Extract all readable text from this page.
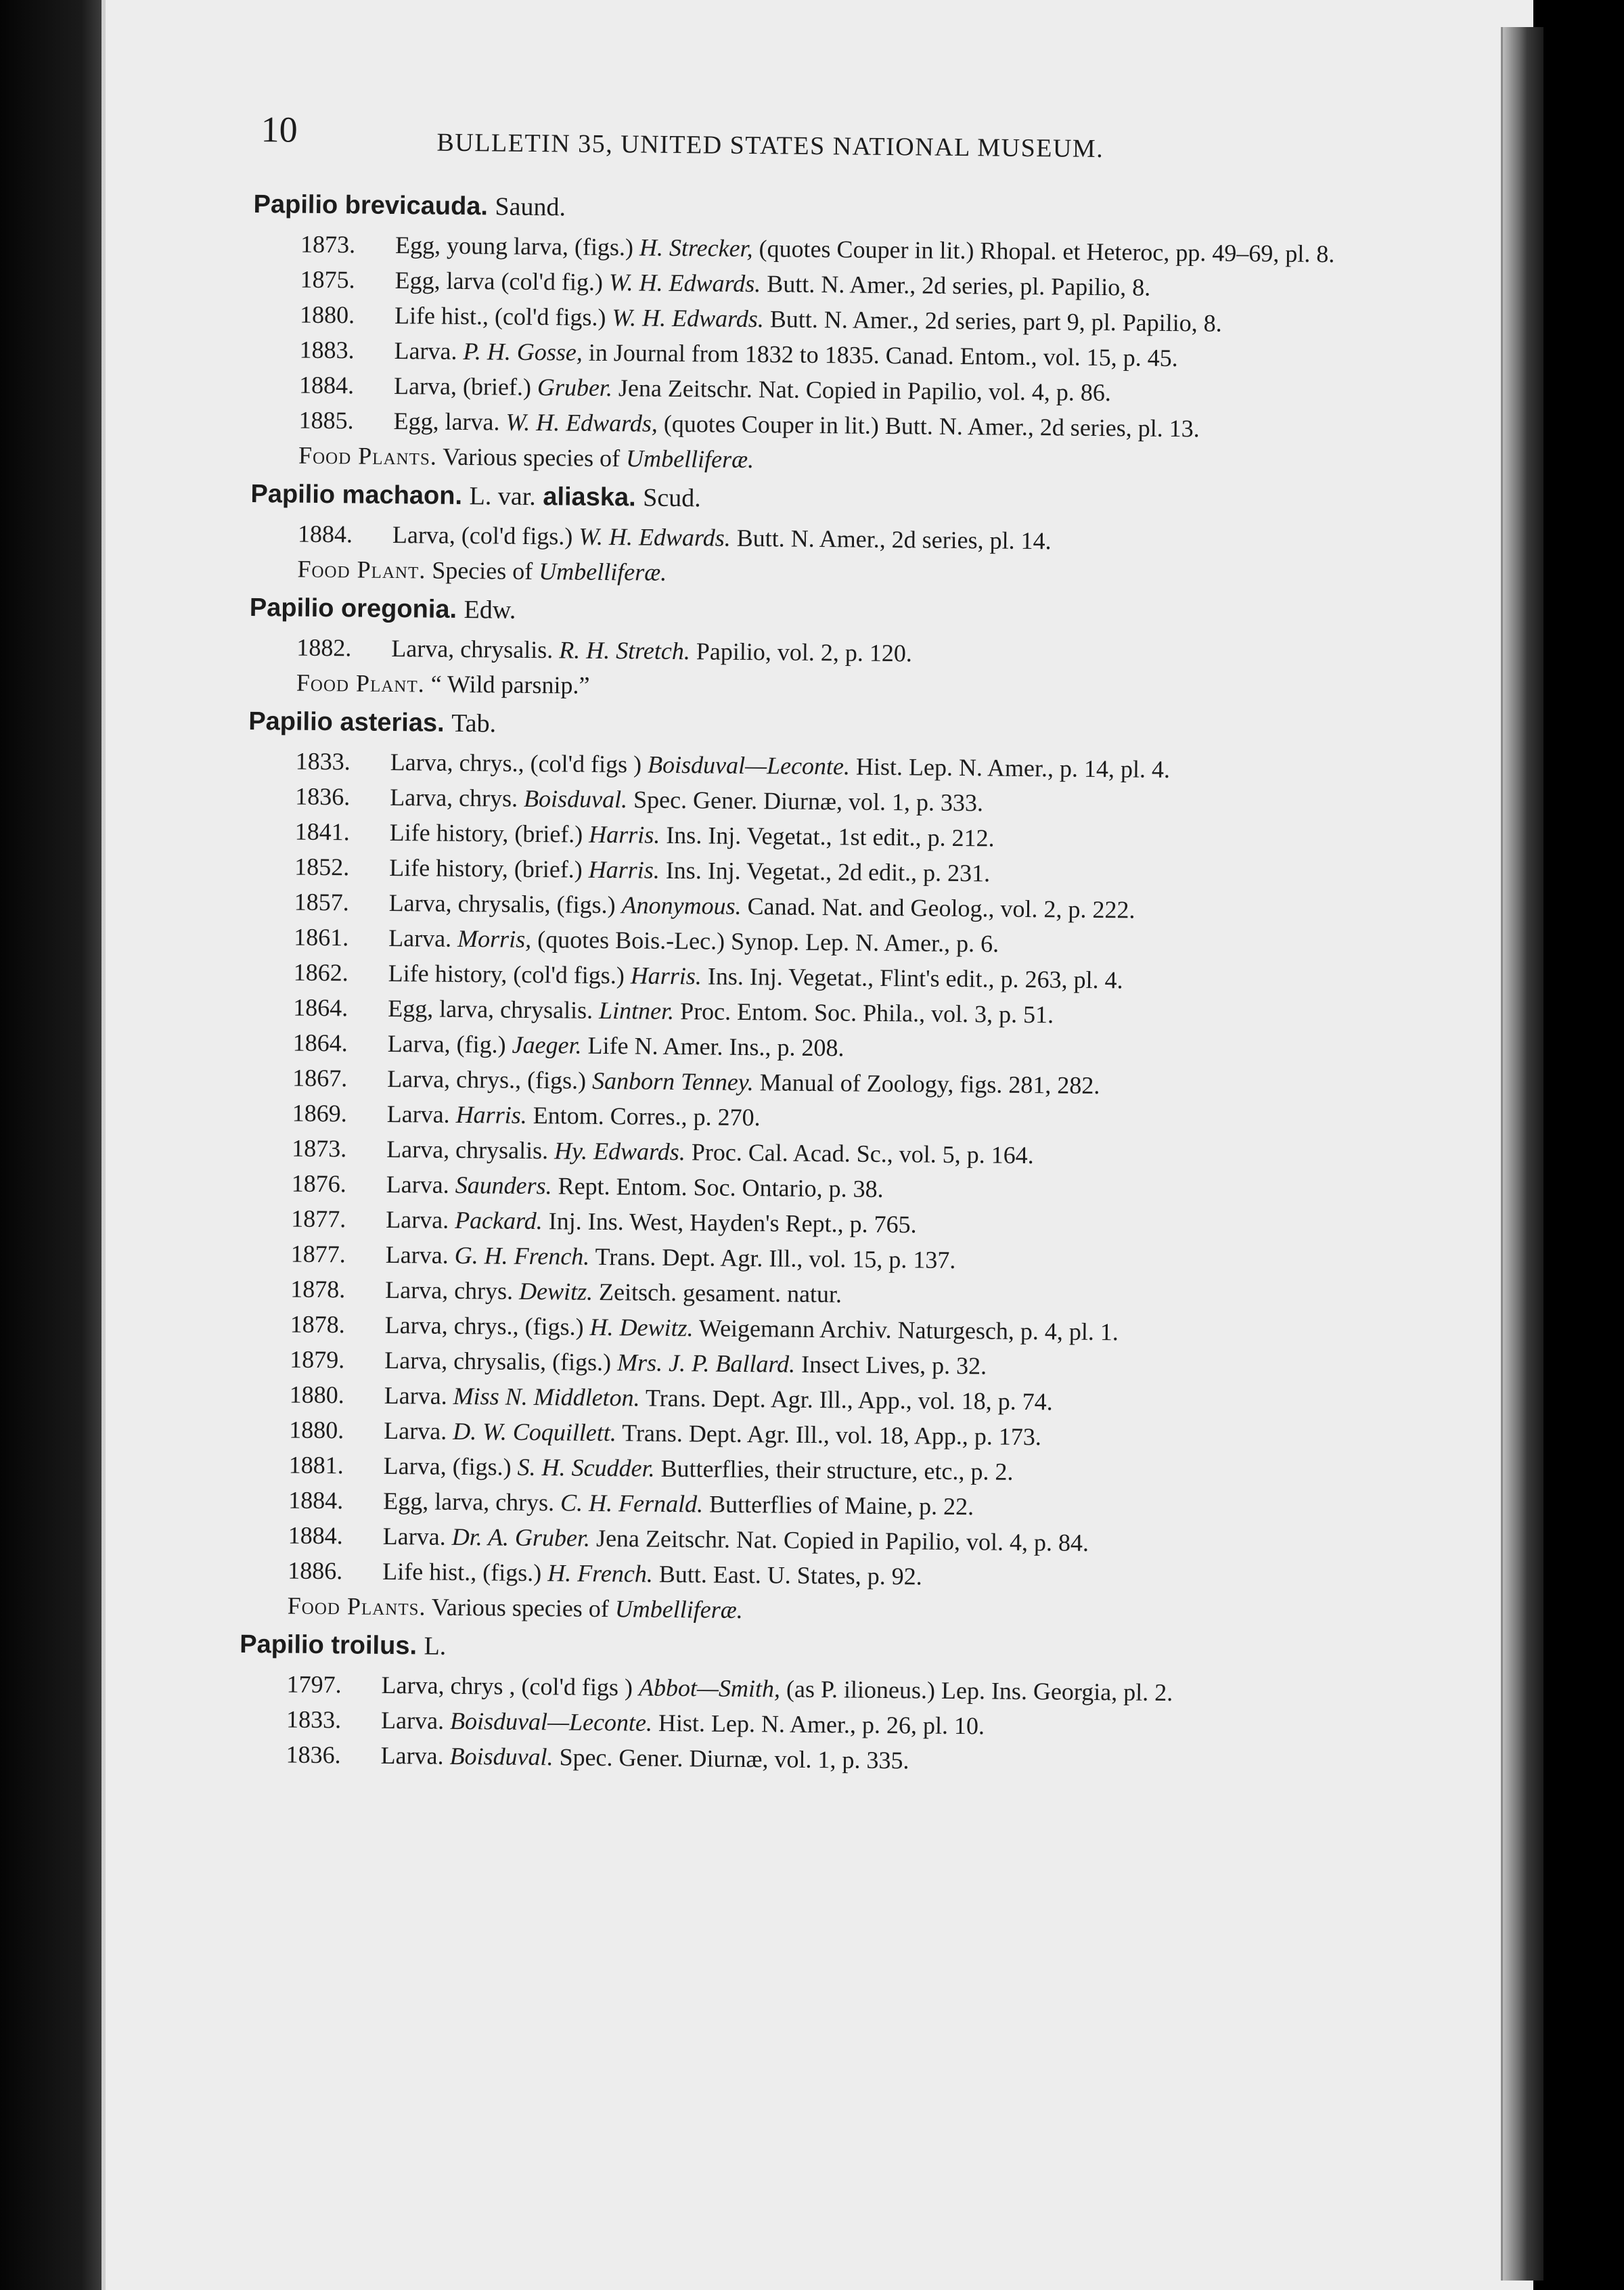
10	BULLETIN 35, UNITED STATES NATIONAL MUSEUM.
Papilio brevicauda. Saund.
1873. Egg, young larva, (figs.) H. Strecker, (quotes Couper in lit.) Rhopal. et Heteroc, pp. 49–69, pl. 8.
1875. Egg, larva (col'd fig.) W. H. Edwards. Butt. N. Amer., 2d series, pl. Papilio, 8.
1880. Life hist., (col'd figs.) W. H. Edwards. Butt. N. Amer., 2d series, part 9, pl. Papilio, 8.
1883. Larva. P. H. Gosse, in Journal from 1832 to 1835. Canad. Entom., vol. 15, p. 45.
1884. Larva, (brief.) Gruber. Jena Zeitschr. Nat. Copied in Papilio, vol. 4, p. 86.
1885. Egg, larva. W. H. Edwards, (quotes Couper in lit.) Butt. N. Amer., 2d series, pl. 13.
Food Plants. Various species of Umbelliferæ.
Papilio machaon. L. var. aliaska. Scud.
1884. Larva, (col'd figs.) W. H. Edwards. Butt. N. Amer., 2d series, pl. 14.
Food Plant. Species of Umbelliferæ.
Papilio oregonia. Edw.
1882. Larva, chrysalis. R. H. Stretch. Papilio, vol. 2, p. 120.
Food Plant. “ Wild parsnip.”
Papilio asterias. Tab.
1833. Larva, chrys., (col'd figs ) Boisduval—Leconte. Hist. Lep. N. Amer., p. 14, pl. 4.
1836. Larva, chrys. Boisduval. Spec. Gener. Diurnæ, vol. 1, p. 333.
1841. Life history, (brief.) Harris. Ins. Inj. Vegetat., 1st edit., p. 212.
1852. Life history, (brief.) Harris. Ins. Inj. Vegetat., 2d edit., p. 231.
1857. Larva, chrysalis, (figs.) Anonymous. Canad. Nat. and Geolog., vol. 2, p. 222.
1861. Larva. Morris, (quotes Bois.-Lec.) Synop. Lep. N. Amer., p. 6.
1862. Life history, (col'd figs.) Harris. Ins. Inj. Vegetat., Flint's edit., p. 263, pl. 4.
1864. Egg, larva, chrysalis. Lintner. Proc. Entom. Soc. Phila., vol. 3, p. 51.
1864. Larva, (fig.) Jaeger. Life N. Amer. Ins., p. 208.
1867. Larva, chrys., (figs.) Sanborn Tenney. Manual of Zoology, figs. 281, 282.
1869. Larva. Harris. Entom. Corres., p. 270.
1873. Larva, chrysalis. Hy. Edwards. Proc. Cal. Acad. Sc., vol. 5, p. 164.
1876. Larva. Saunders. Rept. Entom. Soc. Ontario, p. 38.
1877. Larva. Packard. Inj. Ins. West, Hayden's Rept., p. 765.
1877. Larva. G. H. French. Trans. Dept. Agr. Ill., vol. 15, p. 137.
1878. Larva, chrys. Dewitz. Zeitsch. gesament. natur.
1878. Larva, chrys., (figs.) H. Dewitz. Weigemann Archiv. Naturgesch, p. 4, pl. 1.
1879. Larva, chrysalis, (figs.) Mrs. J. P. Ballard. Insect Lives, p. 32.
1880. Larva. Miss N. Middleton. Trans. Dept. Agr. Ill., App., vol. 18, p. 74.
1880. Larva. D. W. Coquillett. Trans. Dept. Agr. Ill., vol. 18, App., p. 173.
1881. Larva, (figs.) S. H. Scudder. Butterflies, their structure, etc., p. 2.
1884. Egg, larva, chrys. C. H. Fernald. Butterflies of Maine, p. 22.
1884. Larva. Dr. A. Gruber. Jena Zeitschr. Nat. Copied in Papilio, vol. 4, p. 84.
1886. Life hist., (figs.) H. French. Butt. East. U. States, p. 92.
Food Plants. Various species of Umbelliferæ.
Papilio troilus. L.
1797. Larva, chrys , (col'd figs ) Abbot—Smith, (as P. ilioneus.) Lep. Ins. Georgia, pl. 2.
1833. Larva. Boisduval—Leconte. Hist. Lep. N. Amer., p. 26, pl. 10.
1836. Larva. Boisduval. Spec. Gener. Diurnæ, vol. 1, p. 335.
